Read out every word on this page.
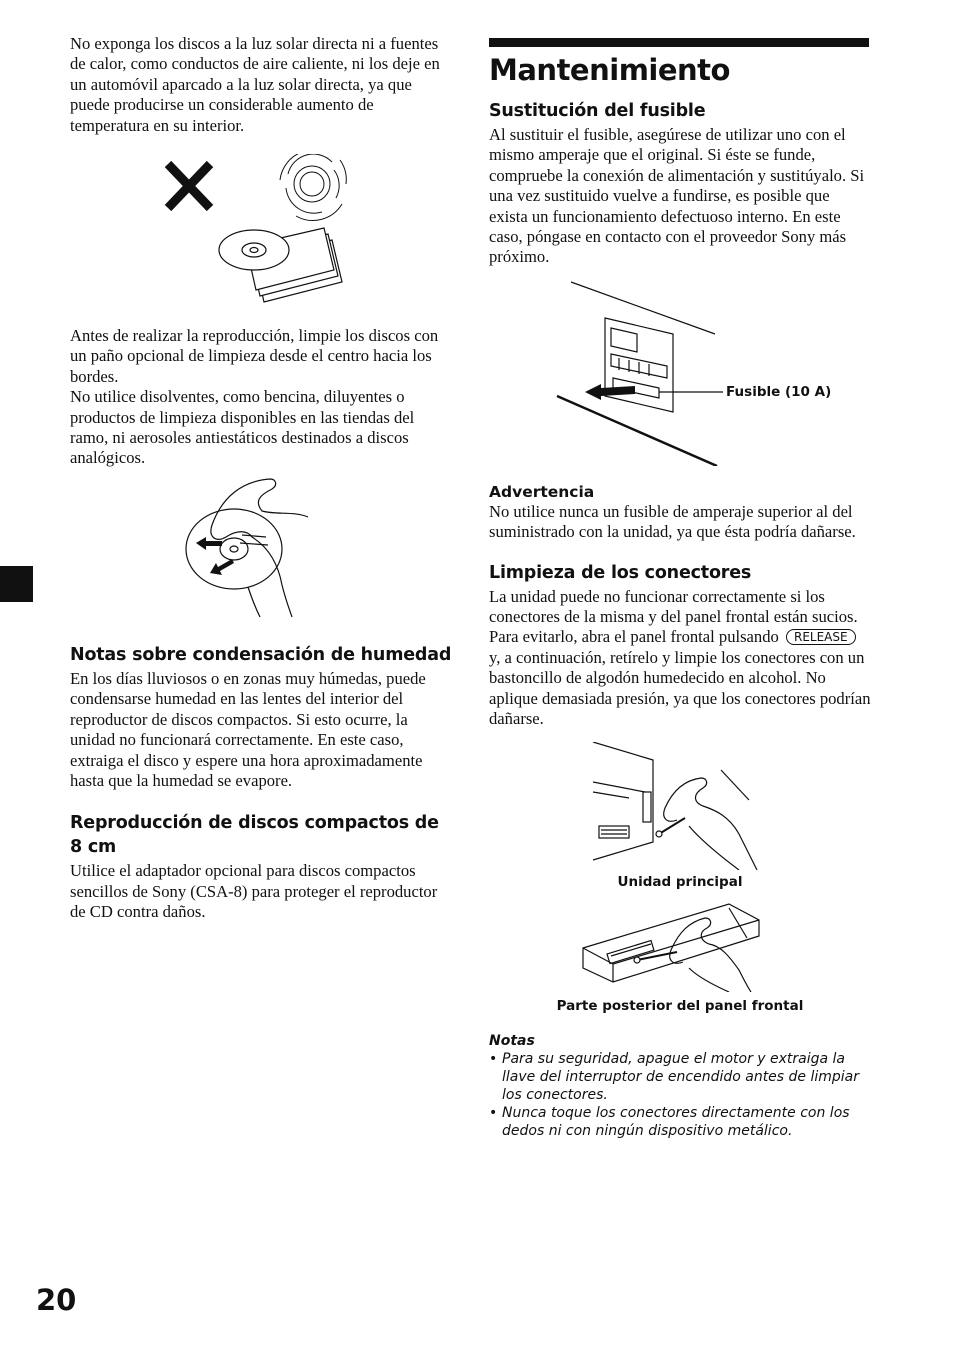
No exponga los discos a la luz solar directa ni a fuentes de calor, como conductos de aire caliente, ni los deje en un automóvil aparcado a la luz solar directa, ya que puede producirse un considerable aumento de temperatura en su interior.

Antes de realizar la reproducción, limpie los discos con un paño opcional de limpieza desde el centro hacia los bordes.

No utilice disolventes, como bencina, diluyentes o productos de limpieza disponibles en las tiendas del ramo, ni aerosoles antiestáticos destinados a discos analógicos.

Notas sobre condensación de humedad

En los días lluviosos o en zonas muy húmedas, puede condensarse humedad en las lentes del interior del reproductor de discos compactos. Si esto ocurre, la unidad no funcionará correctamente. En este caso, extraiga el disco y espere una hora aproximadamente hasta que la humedad se evapore.

Reproducción de discos compactos de 8 cm

Utilice el adaptador opcional para discos compactos sencillos de Sony (CSA-8) para proteger el reproductor de CD contra daños.

Mantenimiento
Sustitución del fusible

Al sustituir el fusible, asegúrese de utilizar uno con el mismo amperaje que el original. Si éste se funde, compruebe la conexión de alimentación y sustitúyalo. Si una vez sustituido vuelve a fundirse, es posible que exista un funcionamiento defectuoso interno. En este caso, póngase en contacto con el proveedor Sony más próximo.

Fusible (10 A)
Advertencia

No utilice nunca un fusible de amperaje superior al del suministrado con la unidad, ya que ésta podría dañarse.

Limpieza de los conectores

La unidad puede no funcionar correctamente si los conectores de la misma y del panel frontal están sucios. Para evitarlo, abra el panel frontal pulsando RELEASE y, a continuación, retírelo y limpie los conectores con un bastoncillo de algodón humedecido en alcohol. No aplique demasiada presión, ya que los conectores podrían dañarse.

Unidad principal
Parte posterior del panel frontal
Notas
• Para su seguridad, apague el motor y extraiga la llave del interruptor de encendido antes de limpiar los conectores.
• Nunca toque los conectores directamente con los dedos ni con ningún dispositivo metálico.
20
